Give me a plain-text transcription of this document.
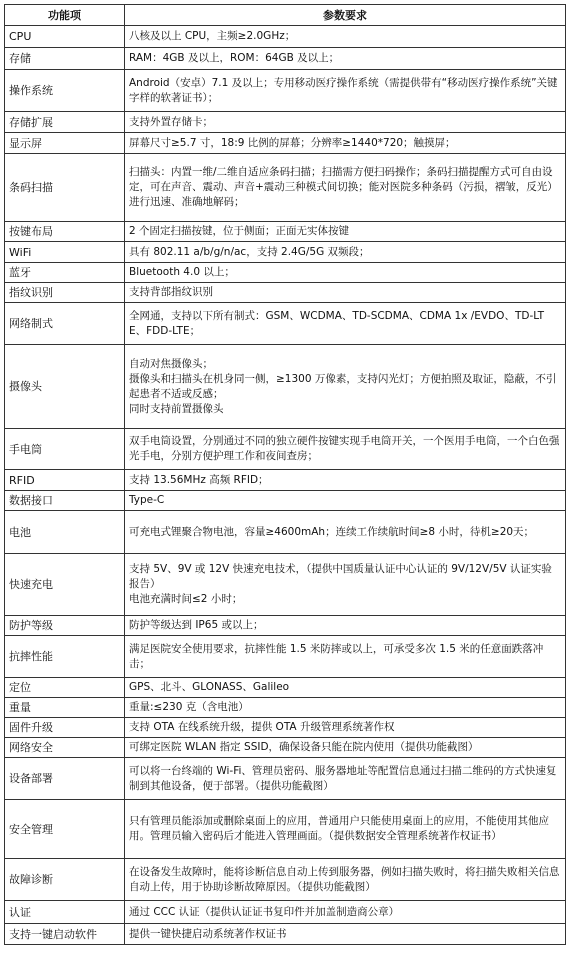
功能项	参数要求
CPU	八核及以上 CPU，主频≥2.0GHz；

存储	RAM：4GB 及以上，ROM：64GB 及以上；

操作系统	Android（安卓）7.1 及以上；专用移动医疗操作系统（需提供带有“移动医疗操作系统”关键字样的软著证书）；

存储扩展	支持外置存储卡；

显示屏	屏幕尺寸≥5.7 寸，18:9 比例的屏幕；分辨率≥1440*720；触摸屏；

条码扫描	扫描头：内置一维/二维自适应条码扫描；扫描需方便扫码操作；条码扫描提醒方式可自由设定，可在声音、震动、声音+震动三种模式间切换；能对医院多种条码（污损，褶皱，反光）进行迅速、准确地解码；

按键布局	2 个固定扫描按键，位于侧面；正面无实体按键

WiFi	具有 802.11 a/b/g/n/ac，支持 2.4G/5G 双频段；

蓝牙	Bluetooth 4.0 以上；

指纹识别	支持背部指纹识别

网络制式	全网通，支持以下所有制式：GSM、WCDMA、TD-SCDMA、CDMA 1x /EVDO、TD-LTE、FDD-LTE；

摄像头	自动对焦摄像头；
摄像头和扫描头在机身同一侧，≥1300 万像素，支持闪光灯；方便拍照及取证，隐蔽，不引起患者不适或反感；
同时支持前置摄像头

手电筒	双手电筒设置，分别通过不同的独立硬件按键实现手电筒开关，一个医用手电筒，一个白色强光手电，分别方便护理工作和夜间查房；

RFID	支持 13.56MHz 高频 RFID；

数据接口	Type-C

电池	可充电式锂聚合物电池，容量≥4600mAh；连续工作续航时间≥8 小时，待机≥20天；

快速充电	支持 5V、9V 或 12V 快速充电技术，（提供中国质量认证中心认证的 9V/12V/5V 认证实验报告）
电池充满时间≤2 小时；

防护等级	防护等级达到 IP65 或以上；

抗摔性能	满足医院安全使用要求，抗摔性能 1.5 米防摔或以上，可承受多次 1.5 米的任意面跌落冲击；

定位	GPS、北斗、GLONASS、Galileo

重量	重量:≤230 克（含电池）

固件升级	支持 OTA 在线系统升级，提供 OTA 升级管理系统著作权

网络安全	可绑定医院 WLAN 指定 SSID，确保设备只能在院内使用（提供功能截图）

设备部署	可以将一台终端的 Wi-Fi、管理员密码、服务器地址等配置信息通过扫描二维码的方式快速复制到其他设备，便于部署。（提供功能截图）

安全管理	只有管理员能添加或删除桌面上的应用，普通用户只能使用桌面上的应用，不能使用其他应用。管理员输入密码后才能进入管理画面。（提供数据安全管理系统著作权证书）

故障诊断	在设备发生故障时，能将诊断信息自动上传到服务器，例如扫描失败时，将扫描失败相关信息自动上传，用于协助诊断故障原因。（提供功能截图）

认证	通过 CCC 认证（提供认证证书复印件并加盖制造商公章）

支持一键启动软件	提供一键快捷启动系统著作权证书
